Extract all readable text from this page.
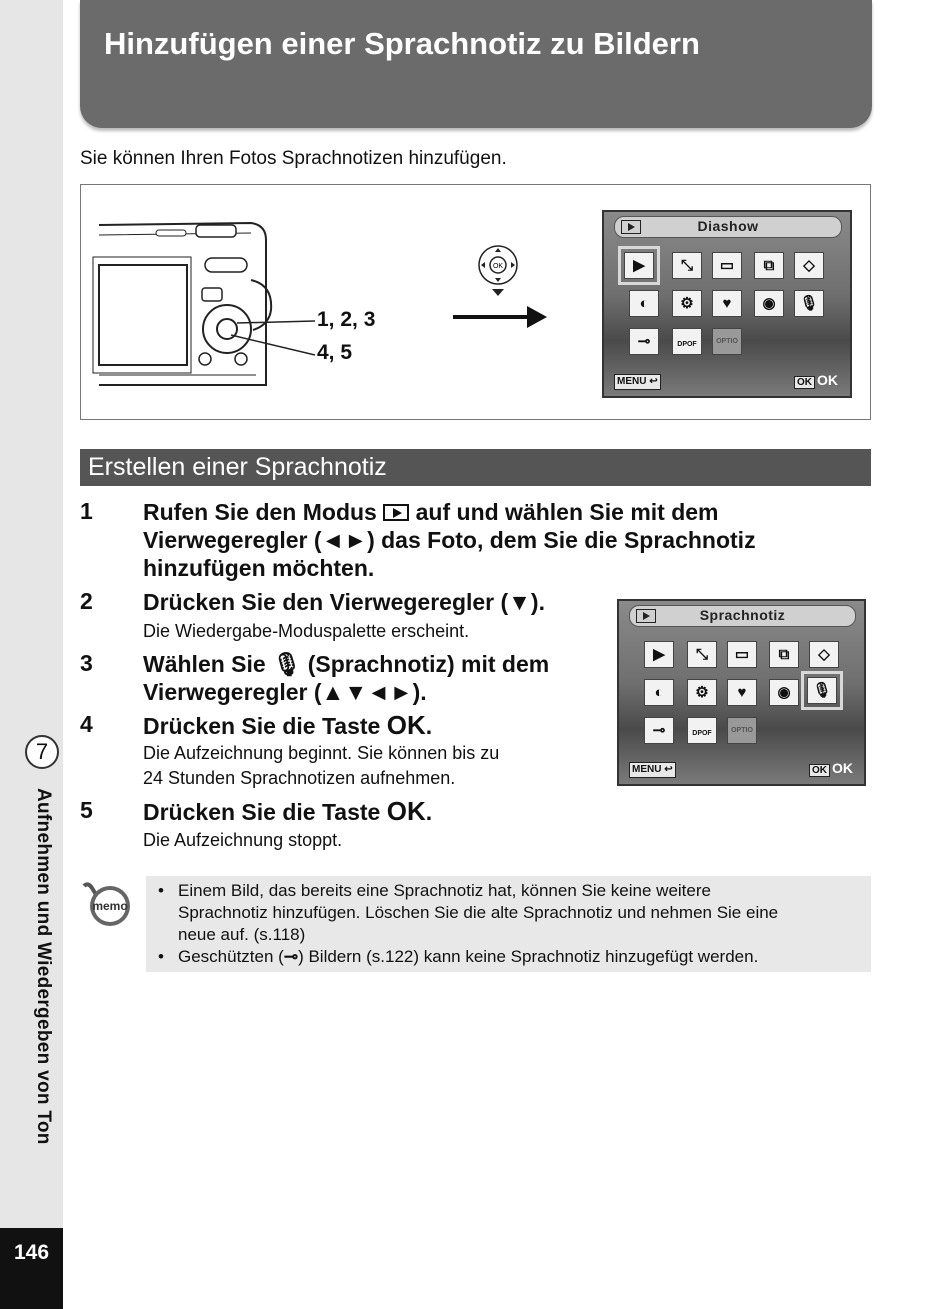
7
Aufnehmen und Wiedergeben von Ton
146
Hinzufügen einer Sprachnotiz zu Bildern
Sie können Ihren Fotos Sprachnotizen hinzufügen.
1, 2, 3
4, 5
OK
Diashow
▶	⤡	▭	⧉	◇
◐	⚙	♥	◉	🎙
⊸	DPOF	OPTIO
MENU ↩	OK OK
Erstellen einer Sprachnotiz
1 Rufen Sie den Modus auf und wählen Sie mit dem
Vierwegeregler (◄►) das Foto, dem Sie die Sprachnotiz
hinzufügen möchten.
2 Drücken Sie den Vierwegeregler (▼).
Die Wiedergabe-Moduspalette erscheint.
3 Wählen Sie 🎙 (Sprachnotiz) mit dem
Vierwegeregler (▲▼◄►).
4 Drücken Sie die Taste OK.
Die Aufzeichnung beginnt. Sie können bis zu
24 Stunden Sprachnotizen aufnehmen.
5 Drücken Sie die Taste OK.
Die Aufzeichnung stoppt.
Sprachnotiz
▶	⤡	▭	⧉	◇
◐	⚙	♥	◉	🎙
⊸	DPOF	OPTIO
MENU ↩	OK OK
memo
• Einem Bild, das bereits eine Sprachnotiz hat, können Sie keine weitere
Sprachnotiz hinzufügen. Löschen Sie die alte Sprachnotiz und nehmen Sie eine
neue auf. (s.118)
• Geschützten (⊸) Bildern (s.122) kann keine Sprachnotiz hinzugefügt werden.
